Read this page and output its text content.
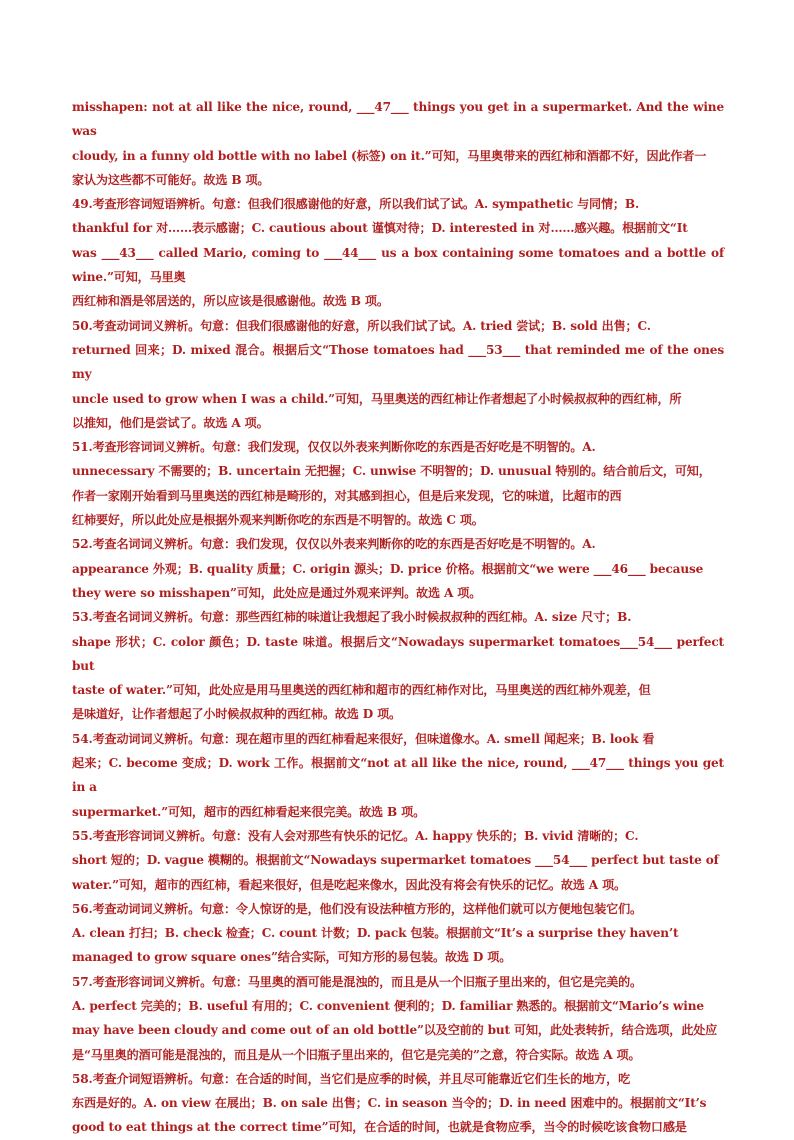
misshapen: not at all like the nice, round, ___47___ things you get in a supermarket. And the wine was

cloudy, in a funny old bottle with no label (标签) on it.”可知，马里奥带来的西红柿和酒都不好，因此作者一

家认为这些都不可能好。故选 B 项。

49.考查形容词短语辨析。句意：但我们很感谢他的好意，所以我们试了试。A. sympathetic 与同情；B.

thankful for 对……表示感谢；C. cautious about 谨慎对待；D. interested in 对……感兴趣。根据前文“It

was ___43___ called Mario, coming to ___44___ us a box containing some tomatoes and a bottle of wine.”可知，马里奥

西红柿和酒是邻居送的，所以应该是很感谢他。故选 B 项。

50.考查动词词义辨析。句意：但我们很感谢他的好意，所以我们试了试。A. tried 尝试；B. sold 出售；C.

returned 回来；D. mixed 混合。根据后文“Those tomatoes had ___53___ that reminded me of the ones my

uncle used to grow when I was a child.”可知，马里奥送的西红柿让作者想起了小时候叔叔种的西红柿，所

以推知，他们是尝试了。故选 A 项。

51.考查形容词词义辨析。句意：我们发现，仅仅以外表来判断你吃的东西是否好吃是不明智的。A.

unnecessary 不需要的；B. uncertain 无把握；C. unwise 不明智的；D. unusual 特别的。结合前后文，可知，

作者一家刚开始看到马里奥送的西红柿是畸形的，对其感到担心，但是后来发现，它的味道，比超市的西

红柿要好，所以此处应是根据外观来判断你吃的东西是不明智的。故选 C 项。

52.考查名词词义辨析。句意：我们发现，仅仅以外表来判断你的吃的东西是否好吃是不明智的。A.

appearance 外观；B. quality 质量；C. origin 源头；D. price 价格。根据前文“we were ___46___ because

they were so misshapen”可知，此处应是通过外观来评判。故选 A 项。

53.考查名词词义辨析。句意：那些西红柿的味道让我想起了我小时候叔叔种的西红柿。A. size 尺寸；B.

shape 形状；C. color 颜色；D. taste 味道。根据后文“Nowadays supermarket tomatoes___54___ perfect but

taste of water.”可知，此处应是用马里奥送的西红柿和超市的西红柿作对比，马里奥送的西红柿外观差，但

是味道好，让作者想起了小时候叔叔种的西红柿。故选 D 项。

54.考查动词词义辨析。句意：现在超市里的西红柿看起来很好，但味道像水。A. smell 闻起来；B. look 看

起来；C. become 变成；D. work 工作。根据前文“not at all like the nice, round, ___47___ things you get in a

supermarket.”可知，超市的西红柿看起来很完美。故选 B 项。

55.考查形容词词义辨析。句意：没有人会对那些有快乐的记忆。A. happy 快乐的；B. vivid 清晰的；C.

short 短的；D. vague 模糊的。根据前文“Nowadays supermarket tomatoes ___54___ perfect but taste of

water.”可知，超市的西红柿，看起来很好，但是吃起来像水，因此没有将会有快乐的记忆。故选 A 项。

56.考查动词词义辨析。句意：令人惊讶的是，他们没有设法种植方形的，这样他们就可以方便地包装它们。

A. clean 打扫；B. check 检查；C. count 计数；D. pack 包装。根据前文“It’s a surprise they haven’t

managed to grow square ones”结合实际，可知方形的易包装。故选 D 项。

57.考查形容词词义辨析。句意：马里奥的酒可能是混浊的，而且是从一个旧瓶子里出来的，但它是完美的。

A. perfect 完美的；B. useful 有用的；C. convenient 便利的；D. familiar 熟悉的。根据前文“Mario’s wine

may have been cloudy and come out of an old bottle”以及空前的 but 可知，此处表转折，结合选项，此处应

是“马里奥的酒可能是混浊的，而且是从一个旧瓶子里出来的，但它是完美的”之意，符合实际。故选 A 项。

58.考查介词短语辨析。句意：在合适的时间，当它们是应季的时候，并且尽可能靠近它们生长的地方，吃

东西是好的。A. on view 在展出；B. on sale 出售；C. in season 当令的；D. in need 困难中的。根据前文“It’s

good to eat things at the correct time”可知，在合适的时间，也就是食物应季，当令的时候吃该食物口感是
